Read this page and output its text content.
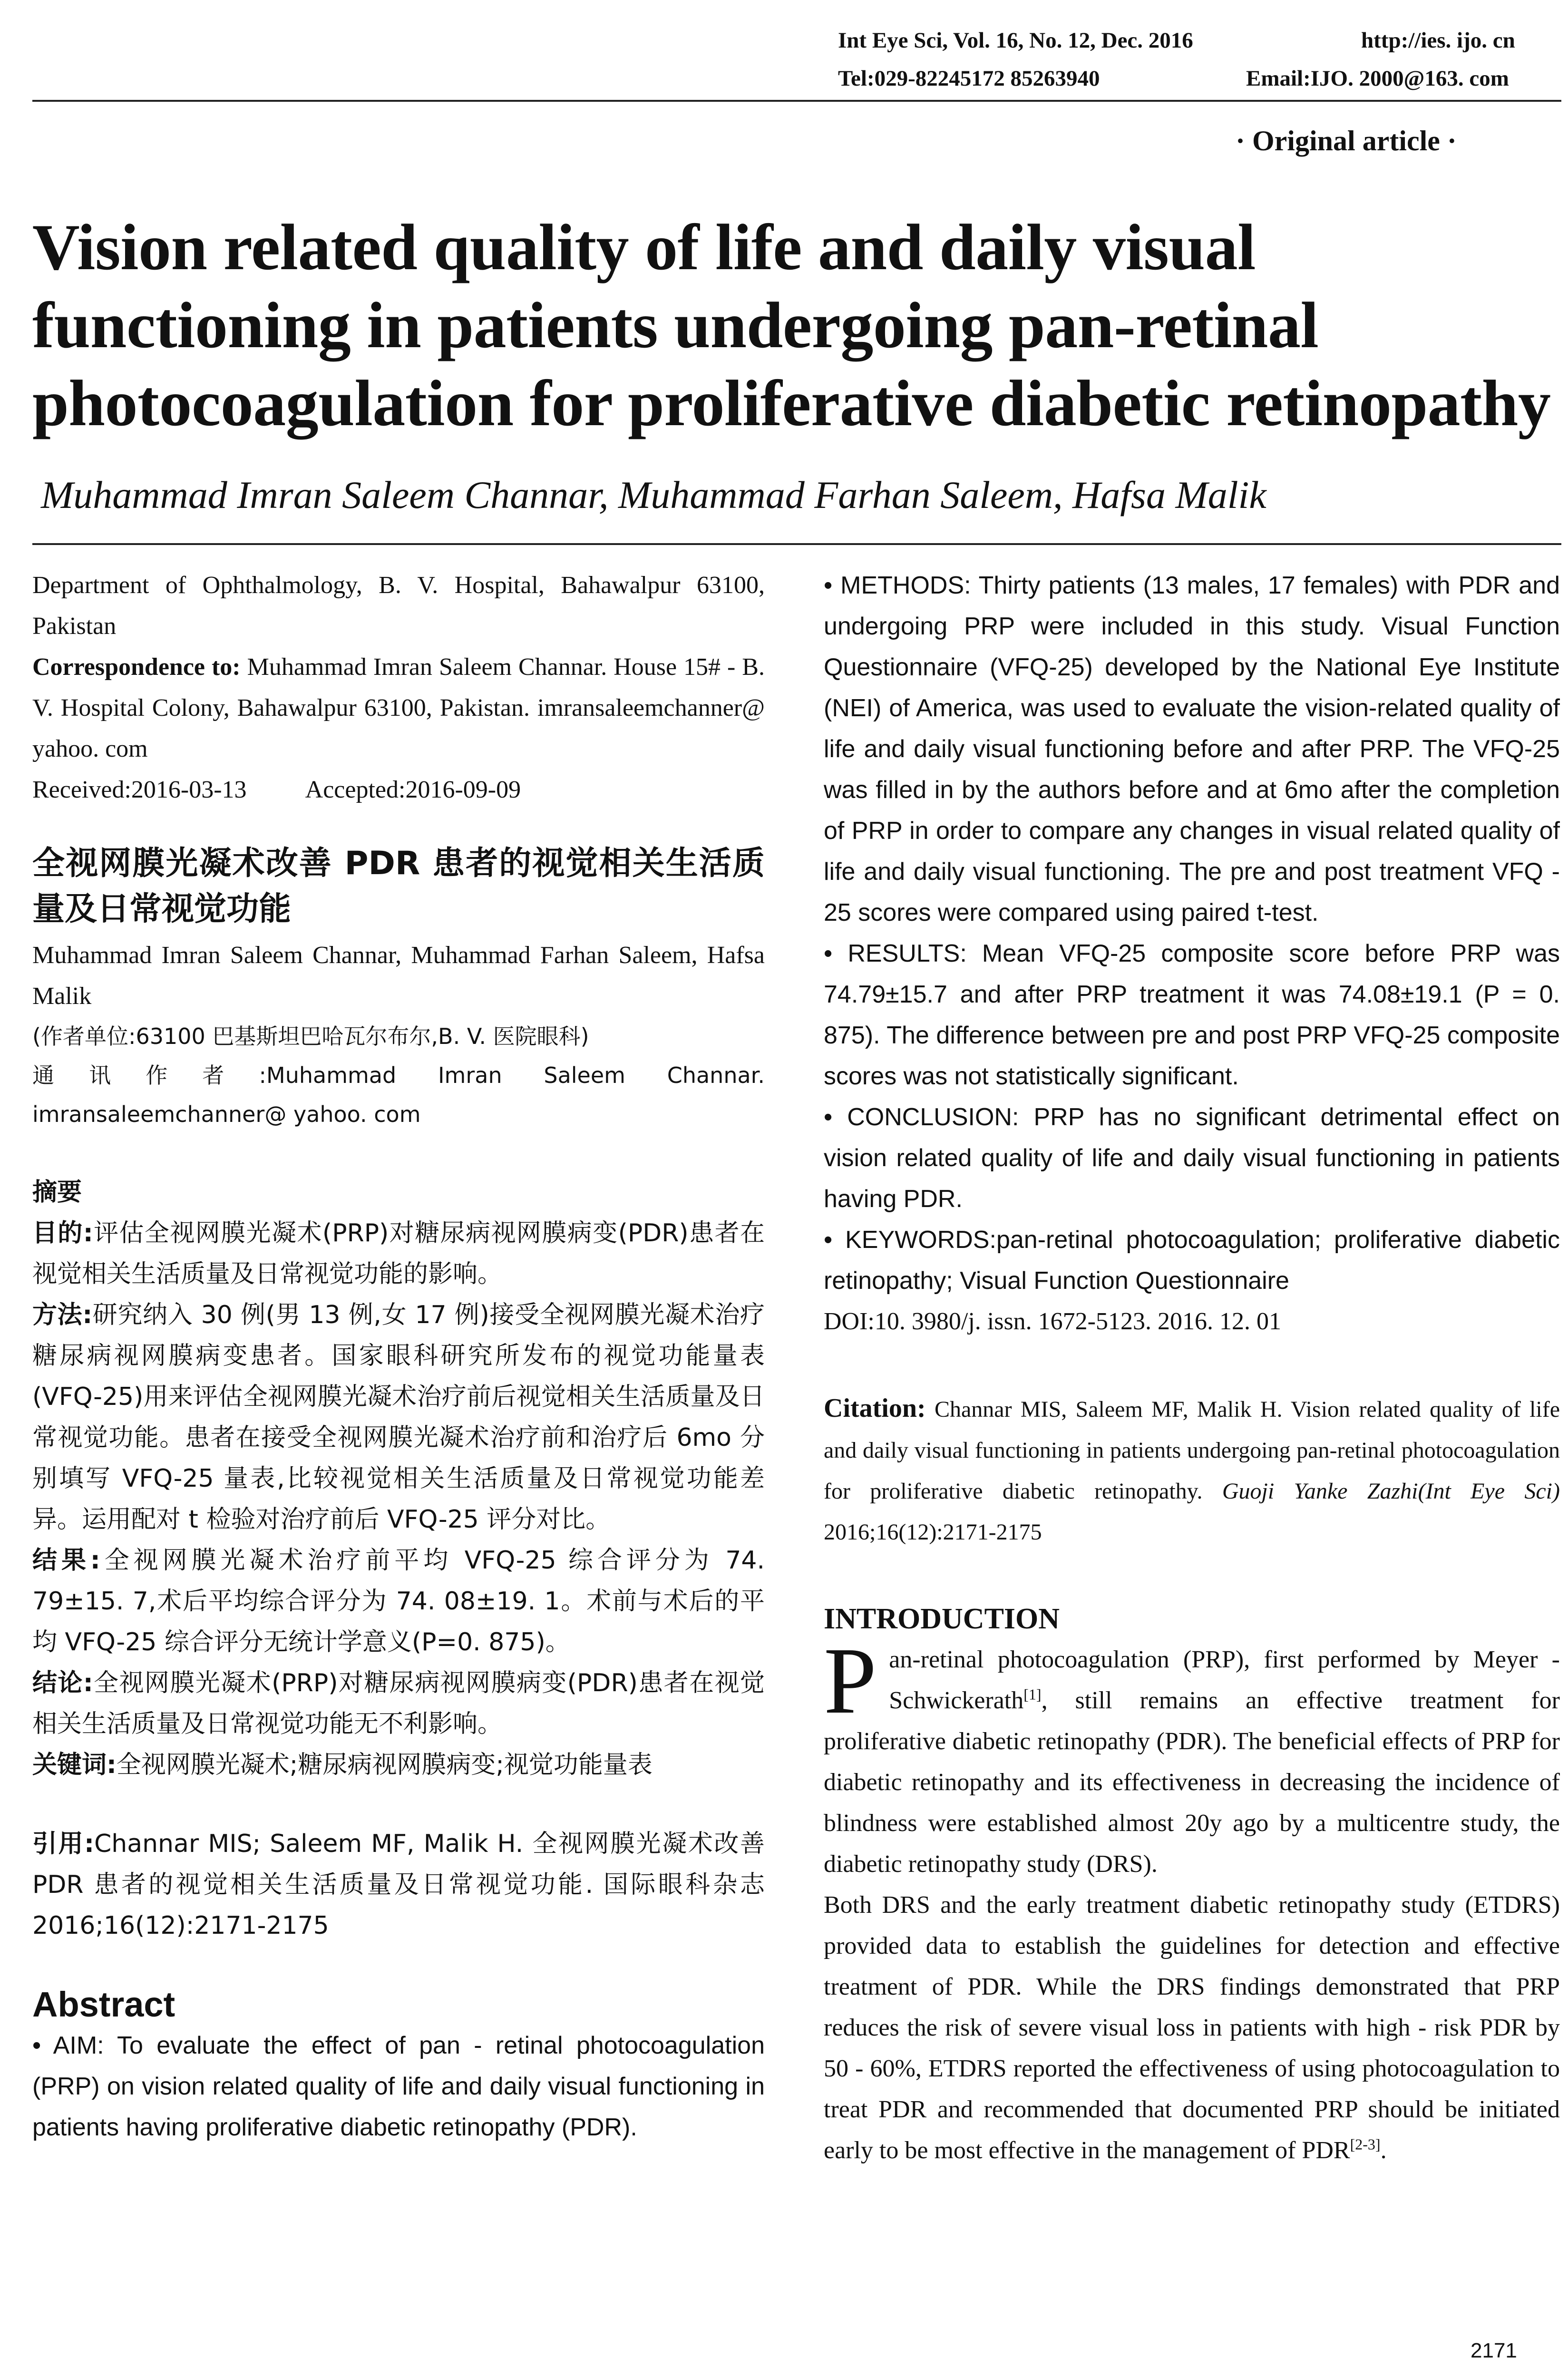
Int Eye Sci, Vol. 16, No. 12, Dec. 2016	http://ies. ijo. cn
Tel:029-82245172 85263940	Email:IJO. 2000@163. com
· Original article ·
Vision related quality of life and daily visual functioning in patients undergoing pan-retinal photocoagulation for proliferative diabetic retinopathy
Muhammad Imran Saleem Channar, Muhammad Farhan Saleem, Hafsa Malik

Department of Ophthalmology, B. V. Hospital, Bahawalpur 63100, Pakistan

Correspondence to: Muhammad Imran Saleem Channar. House 15# - B. V. Hospital Colony, Bahawalpur 63100, Pakistan. imransaleemchanner@ yahoo. com

Received:2016-03-13 Accepted:2016-09-09

全视网膜光凝术改善 PDR 患者的视觉相关生活质量及日常视觉功能

Muhammad Imran Saleem Channar, Muhammad Farhan Saleem, Hafsa Malik

(作者单位:63100 巴基斯坦巴哈瓦尔布尔,B. V. 医院眼科)

通讯作者:Muhammad Imran Saleem Channar. imransaleemchanner@ yahoo. com

摘要

目的:评估全视网膜光凝术(PRP)对糖尿病视网膜病变(PDR)患者在视觉相关生活质量及日常视觉功能的影响。

方法:研究纳入 30 例(男 13 例,女 17 例)接受全视网膜光凝术治疗糖尿病视网膜病变患者。国家眼科研究所发布的视觉功能量表(VFQ-25)用来评估全视网膜光凝术治疗前后视觉相关生活质量及日常视觉功能。患者在接受全视网膜光凝术治疗前和治疗后 6mo 分别填写 VFQ-25 量表,比较视觉相关生活质量及日常视觉功能差异。运用配对 t 检验对治疗前后 VFQ-25 评分对比。

结果:全视网膜光凝术治疗前平均 VFQ-25 综合评分为 74. 79±15. 7,术后平均综合评分为 74. 08±19. 1。术前与术后的平均 VFQ-25 综合评分无统计学意义(P=0. 875)。

结论:全视网膜光凝术(PRP)对糖尿病视网膜病变(PDR)患者在视觉相关生活质量及日常视觉功能无不利影响。

关键词:全视网膜光凝术;糖尿病视网膜病变;视觉功能量表

引用:Channar MIS; Saleem MF, Malik H. 全视网膜光凝术改善 PDR 患者的视觉相关生活质量及日常视觉功能. 国际眼科杂志 2016;16(12):2171-2175

Abstract

• AIM: To evaluate the effect of pan - retinal photocoagulation (PRP) on vision related quality of life and daily visual functioning in patients having proliferative diabetic retinopathy (PDR).

• METHODS: Thirty patients (13 males, 17 females) with PDR and undergoing PRP were included in this study. Visual Function Questionnaire (VFQ-25) developed by the National Eye Institute (NEI) of America, was used to evaluate the vision-related quality of life and daily visual functioning before and after PRP. The VFQ-25 was filled in by the authors before and at 6mo after the completion of PRP in order to compare any changes in visual related quality of life and daily visual functioning. The pre and post treatment VFQ - 25 scores were compared using paired t-test.

• RESULTS: Mean VFQ-25 composite score before PRP was 74.79±15.7 and after PRP treatment it was 74.08±19.1 (P = 0. 875). The difference between pre and post PRP VFQ-25 composite scores was not statistically significant.

• CONCLUSION: PRP has no significant detrimental effect on vision related quality of life and daily visual functioning in patients having PDR.

• KEYWORDS:pan-retinal photocoagulation; proliferative diabetic retinopathy; Visual Function Questionnaire

DOI:10. 3980/j. issn. 1672-5123. 2016. 12. 01

Citation: Channar MIS, Saleem MF, Malik H. Vision related quality of life and daily visual functioning in patients undergoing pan-retinal photocoagulation for proliferative diabetic retinopathy. Guoji Yanke Zazhi(Int Eye Sci) 2016;16(12):2171-2175

INTRODUCTION

Pan-retinal photocoagulation (PRP), first performed by Meyer - Schwickerath[1], still remains an effective treatment for proliferative diabetic retinopathy (PDR). The beneficial effects of PRP for diabetic retinopathy and its effectiveness in decreasing the incidence of blindness were established almost 20y ago by a multicentre study, the diabetic retinopathy study (DRS).

Both DRS and the early treatment diabetic retinopathy study (ETDRS) provided data to establish the guidelines for detection and effective treatment of PDR. While the DRS findings demonstrated that PRP reduces the risk of severe visual loss in patients with high - risk PDR by 50 - 60%, ETDRS reported the effectiveness of using photocoagulation to treat PDR and recommended that documented PRP should be initiated early to be most effective in the management of PDR[2-3].

2171
